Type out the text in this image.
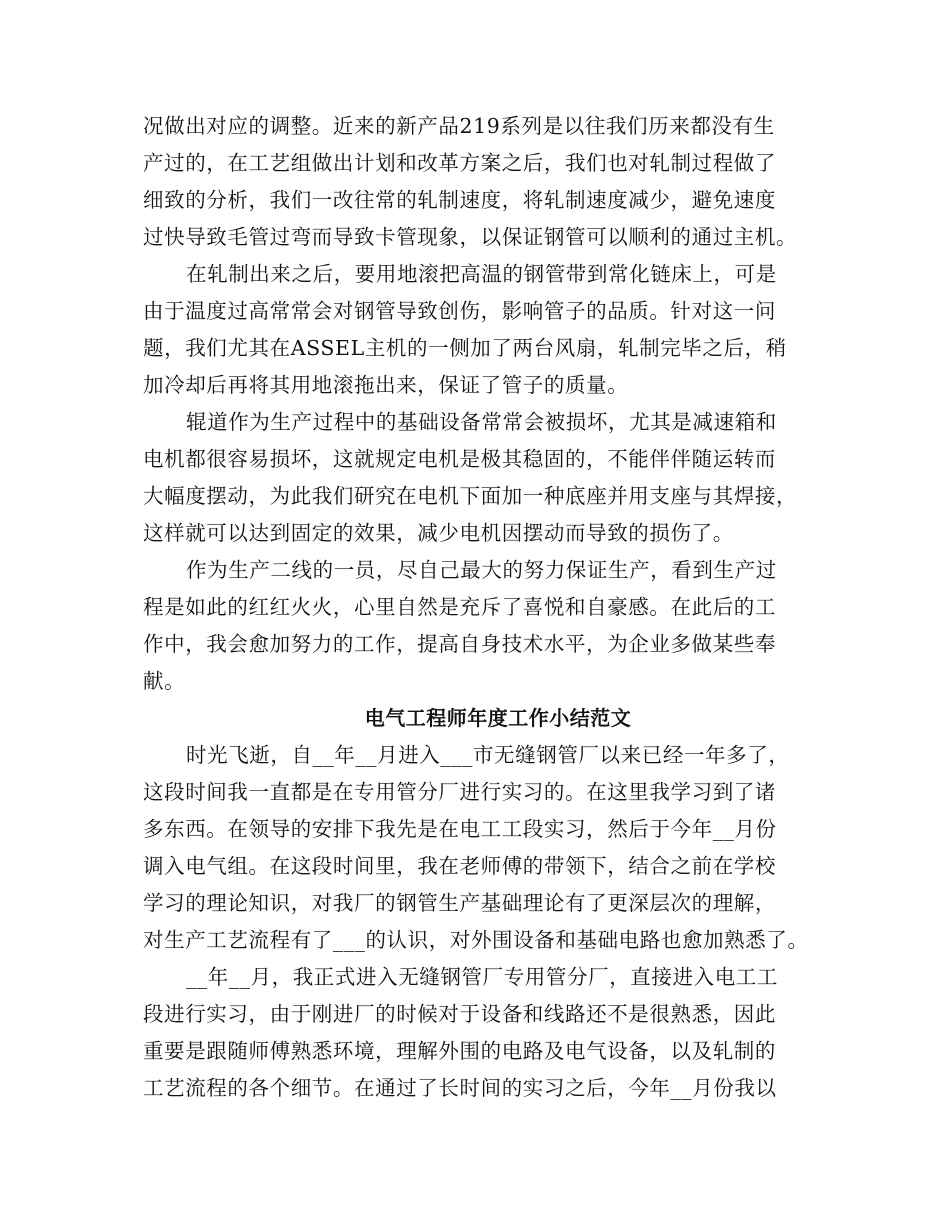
况做出对应的调整。近来的新产品219系列是以往我们历来都没有生
产过的，在工艺组做出计划和改革方案之后，我们也对轧制过程做了
细致的分析，我们一改往常的轧制速度，将轧制速度减少，避免速度
过快导致毛管过弯而导致卡管现象，以保证钢管可以顺利的通过主机。
在轧制出来之后，要用地滚把高温的钢管带到常化链床上，可是
由于温度过高常常会对钢管导致创伤，影响管子的品质。针对这一问
题，我们尤其在ASSEL主机的一侧加了两台风扇，轧制完毕之后，稍
加冷却后再将其用地滚拖出来，保证了管子的质量。
辊道作为生产过程中的基础设备常常会被损坏，尤其是减速箱和
电机都很容易损坏，这就规定电机是极其稳固的，不能伴伴随运转而
大幅度摆动，为此我们研究在电机下面加一种底座并用支座与其焊接，
这样就可以达到固定的效果，减少电机因摆动而导致的损伤了。
作为生产二线的一员，尽自己最大的努力保证生产，看到生产过
程是如此的红红火火，心里自然是充斥了喜悦和自豪感。在此后的工
作中，我会愈加努力的工作，提高自身技术水平，为企业多做某些奉
献。
电气工程师年度工作小结范文
时光飞逝，自__年__月进入___市无缝钢管厂以来已经一年多了，
这段时间我一直都是在专用管分厂进行实习的。在这里我学习到了诸
多东西。在领导的安排下我先是在电工工段实习，然后于今年__月份
调入电气组。在这段时间里，我在老师傅的带领下，结合之前在学校
学习的理论知识，对我厂的钢管生产基础理论有了更深层次的理解，
对生产工艺流程有了___的认识，对外围设备和基础电路也愈加熟悉了。
__年__月，我正式进入无缝钢管厂专用管分厂，直接进入电工工
段进行实习，由于刚进厂的时候对于设备和线路还不是很熟悉，因此
重要是跟随师傅熟悉环境，理解外围的电路及电气设备，以及轧制的
工艺流程的各个细节。在通过了长时间的实习之后，今年__月份我以
